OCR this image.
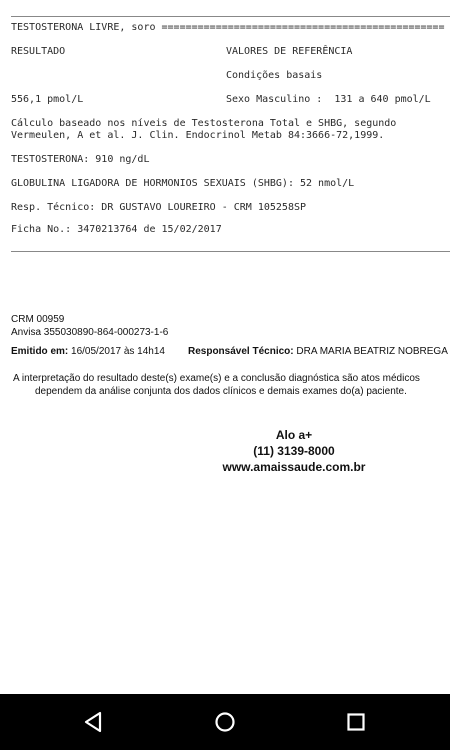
TESTOSTERONA LIVRE, soro ===============================================
RESULTADO	VALORES DE REFERÊNCIA
Condições basais
556,1 pmol/L	Sexo Masculino :  131 a 640 pmol/L
Cálculo baseado nos níveis de Testosterona Total e SHBG, segundo
Vermeulen, A et al. J. Clin. Endocrinol Metab 84:3666-72,1999.
TESTOSTERONA: 910 ng/dL
GLOBULINA LIGADORA DE HORMONIOS SEXUAIS (SHBG): 52 nmol/L
Resp. Técnico: DR GUSTAVO LOUREIRO - CRM 105258SP
Ficha No.: 3470213764 de 15/02/2017
CRM 00959
Anvisa 355030890-864-000273-1-6
Emitido em: 16/05/2017 às 14h14 Responsável Técnico: DRA MARIA BEATRIZ NOBREGA
A interpretação do resultado deste(s) exame(s) e a conclusão diagnóstica são atos médicos
dependem da análise conjunta dos dados clínicos e demais exames do(a) paciente.
Alo a+
(11) 3139-8000
www.amaissaude.com.br
